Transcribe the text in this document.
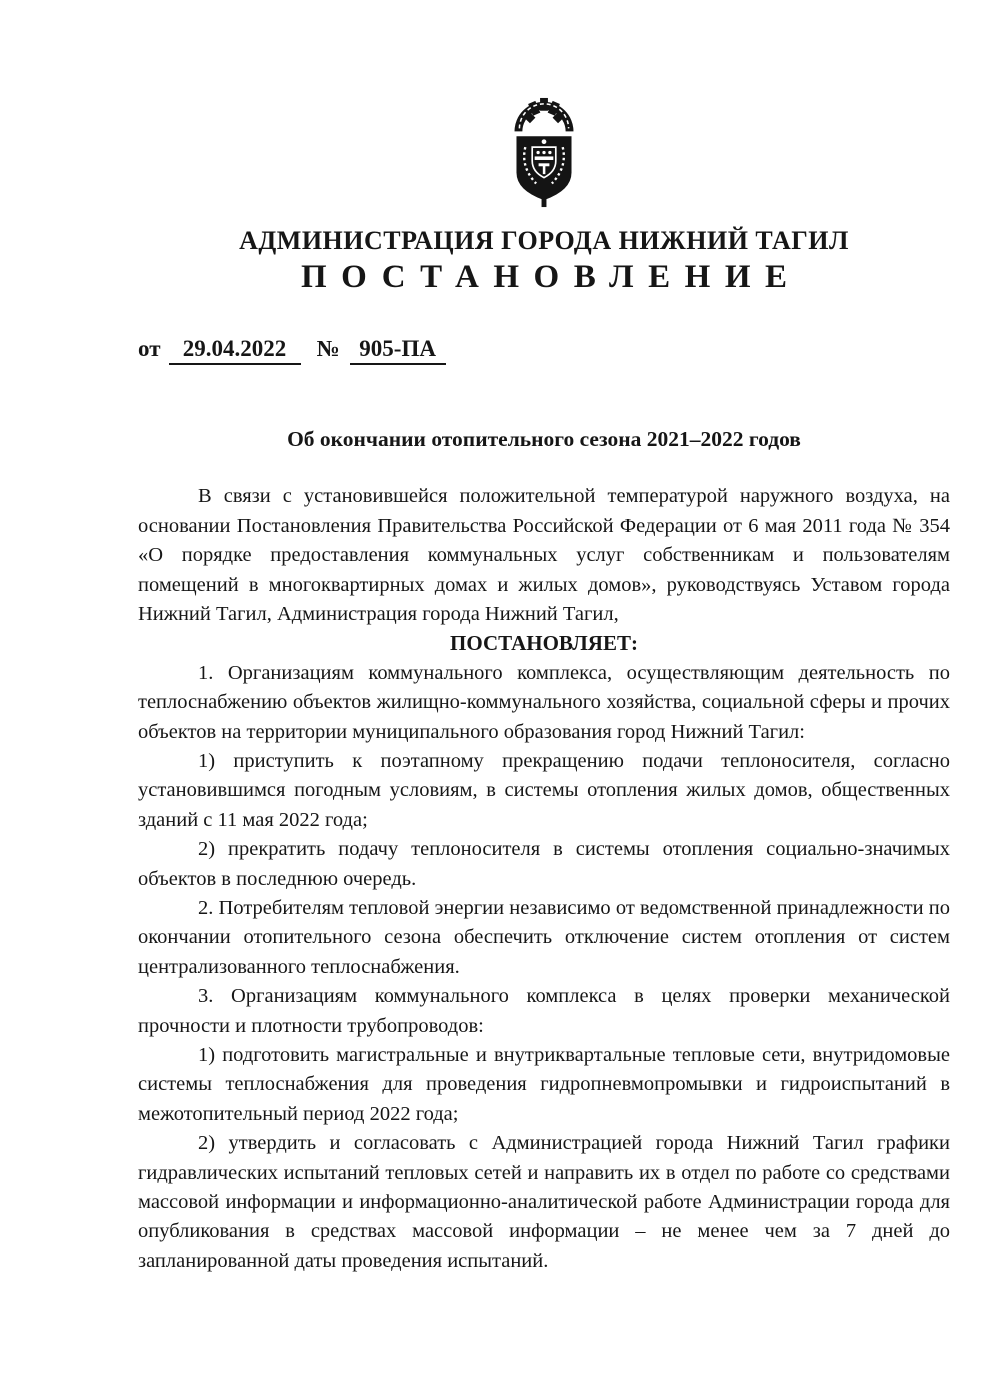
АДМИНИСТРАЦИЯ ГОРОДА НИЖНИЙ ТАГИЛ
ПОСТАНОВЛЕНИЕ
от 29.04.2022 № 905-ПА
Об окончании отопительного сезона 2021–2022 годов

В связи с установившейся положительной температурой наружного воздуха, на основании Постановления Правительства Российской Федерации от 6 мая 2011 года № 354 «О порядке предоставления коммунальных услуг собственникам и пользователям помещений в многоквартирных домах и жилых домов», руководствуясь Уставом города Нижний Тагил, Администрация города Нижний Тагил,

ПОСТАНОВЛЯЕТ:

1. Организациям коммунального комплекса, осуществляющим деятельность по теплоснабжению объектов жилищно-коммунального хозяйства, социальной сферы и прочих объектов на территории муниципального образования город Нижний Тагил:

1) приступить к поэтапному прекращению подачи теплоносителя, согласно установившимся погодным условиям, в системы отопления жилых домов, общественных зданий с 11 мая 2022 года;

2) прекратить подачу теплоносителя в системы отопления социально-значимых объектов в последнюю очередь.

2. Потребителям тепловой энергии независимо от ведомственной принадлежности по окончании отопительного сезона обеспечить отключение систем отопления от систем централизованного теплоснабжения.

3. Организациям коммунального комплекса в целях проверки механической прочности и плотности трубопроводов:

1) подготовить магистральные и внутриквартальные тепловые сети, внутридомовые системы теплоснабжения для проведения гидропневмопромывки и гидроиспытаний в межотопительный период 2022 года;

2) утвердить и согласовать с Администрацией города Нижний Тагил графики гидравлических испытаний тепловых сетей и направить их в отдел по работе со средствами массовой информации и информационно-аналитической работе Администрации города для опубликования в средствах массовой информации – не менее чем за 7 дней до запланированной даты проведения испытаний.
